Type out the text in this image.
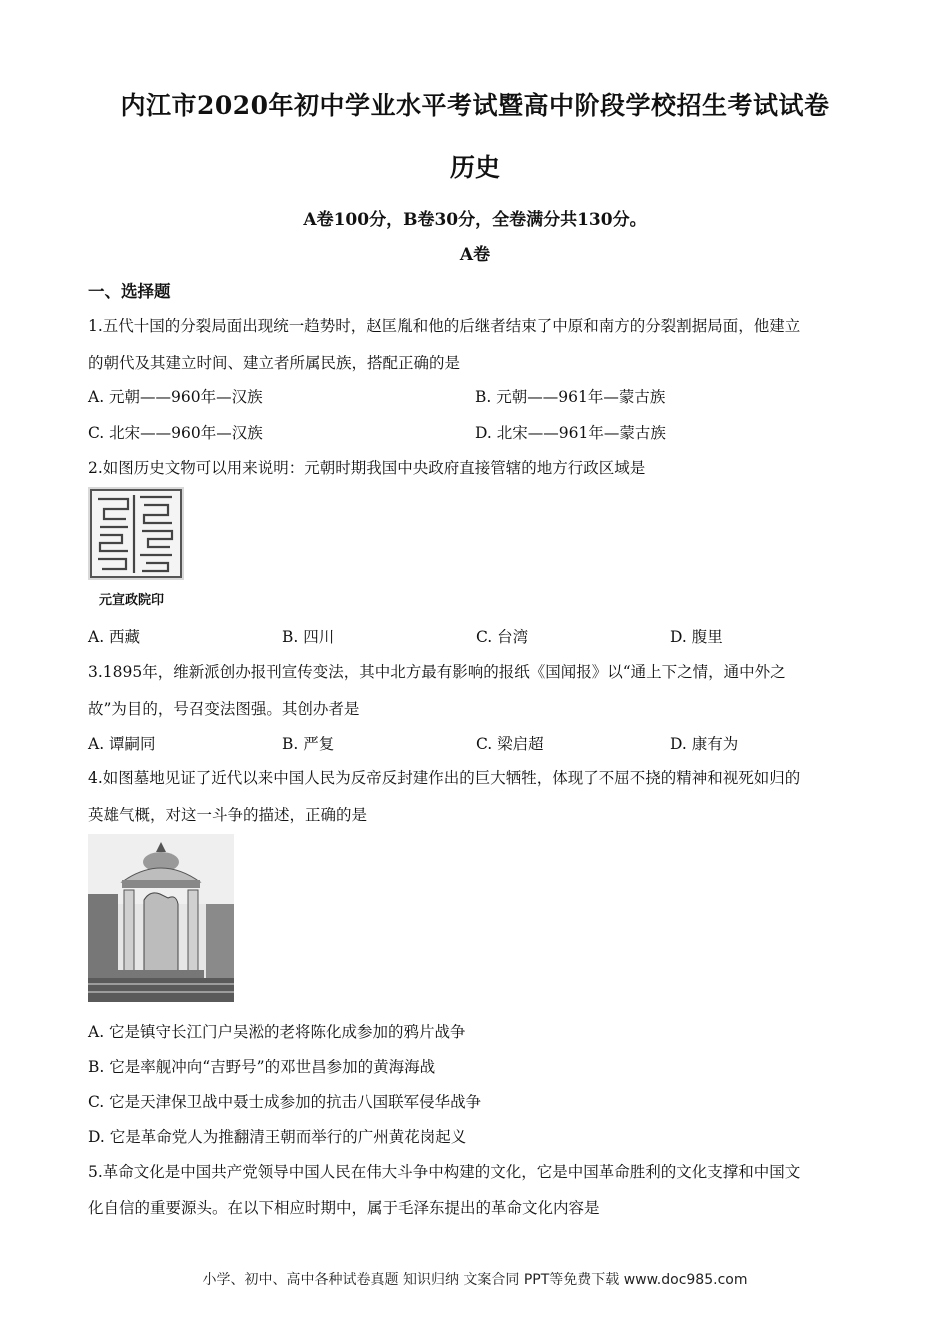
内江市2020年初中学业水平考试暨高中阶段学校招生考试试卷
历史
A卷100分，B卷30分，全卷满分共130分。
A卷
一、选择题
1.五代十国的分裂局面出现统一趋势时，赵匡胤和他的后继者结束了中原和南方的分裂割据局面，他建立
的朝代及其建立时间、建立者所属民族，搭配正确的是
A. 元朝——960年—汉族	B. 元朝——961年—蒙古族
C. 北宋——960年—汉族	D. 北宋——961年—蒙古族
2.如图历史文物可以用来说明：元朝时期我国中央政府直接管辖的地方行政区域是
元宣政院印
A. 西藏	B. 四川	C. 台湾	D. 腹里
3.1895年，维新派创办报刊宣传变法，其中北方最有影响的报纸《国闻报》以“通上下之情，通中外之
故”为目的，号召变法图强。其创办者是
A. 谭嗣同	B. 严复	C. 梁启超	D. 康有为
4.如图墓地见证了近代以来中国人民为反帝反封建作出的巨大牺牲，体现了不屈不挠的精神和视死如归的
英雄气概，对这一斗争的描述，正确的是
A. 它是镇守长江门户吴淞的老将陈化成参加的鸦片战争
B. 它是率舰冲向“吉野号”的邓世昌参加的黄海海战
C. 它是天津保卫战中聂士成参加的抗击八国联军侵华战争
D. 它是革命党人为推翻清王朝而举行的广州黄花岗起义
5.革命文化是中国共产党领导中国人民在伟大斗争中构建的文化，它是中国革命胜利的文化支撑和中国文
化自信的重要源头。在以下相应时期中，属于毛泽东提出的革命文化内容是
小学、初中、高中各种试卷真题 知识归纳 文案合同 PPT等免费下载 www.doc985.com
